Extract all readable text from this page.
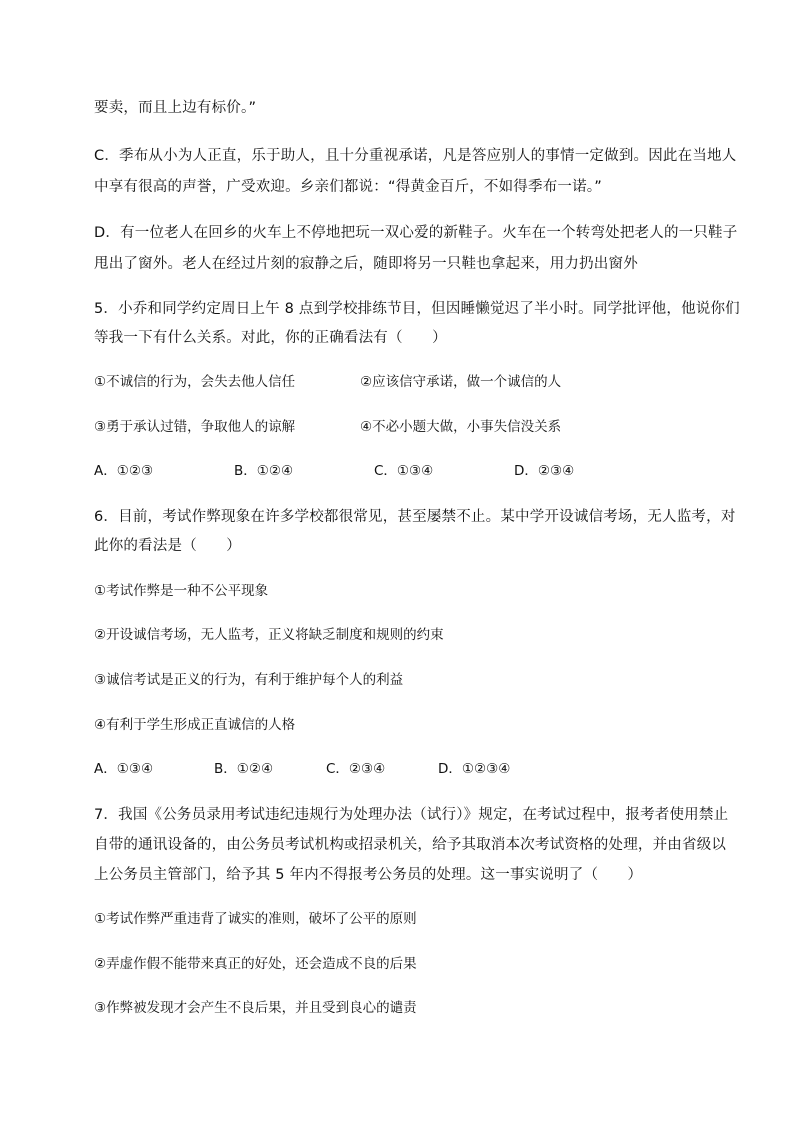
要卖，而且上边有标价。”
C．季布从小为人正直，乐于助人，且十分重视承诺，凡是答应别人的事情一定做到。因此在当地人
中享有很高的声誉，广受欢迎。乡亲们都说：“得黄金百斤，不如得季布一诺。”
D．有一位老人在回乡的火车上不停地把玩一双心爱的新鞋子。火车在一个转弯处把老人的一只鞋子
甩出了窗外。老人在经过片刻的寂静之后，随即将另一只鞋也拿起来，用力扔出窗外
5．小乔和同学约定周日上午 8 点到学校排练节目，但因睡懒觉迟了半小时。同学批评他，他说你们
等我一下有什么关系。对此，你的正确看法有（　　）
①不诚信的行为，会失去他人信任	②应该信守承诺，做一个诚信的人
③勇于承认过错，争取他人的谅解	④不必小题大做，小事失信没关系
A．①②③	B．①②④	C．①③④	D．②③④
6．目前，考试作弊现象在许多学校都很常见，甚至屡禁不止。某中学开设诚信考场，无人监考，对
此你的看法是（　　）
①考试作弊是一种不公平现象
②开设诚信考场，无人监考，正义将缺乏制度和规则的约束
③诚信考试是正义的行为，有利于维护每个人的利益
④有利于学生形成正直诚信的人格
A．①③④	B．①②④	C．②③④	D．①②③④
7．我国《公务员录用考试违纪违规行为处理办法（试行）》规定，在考试过程中，报考者使用禁止
自带的通讯设备的，由公务员考试机构或招录机关，给予其取消本次考试资格的处理，并由省级以
上公务员主管部门，给予其 5 年内不得报考公务员的处理。这一事实说明了（　　）
①考试作弊严重违背了诚实的准则，破坏了公平的原则
②弄虚作假不能带来真正的好处，还会造成不良的后果
③作弊被发现才会产生不良后果，并且受到良心的谴责
